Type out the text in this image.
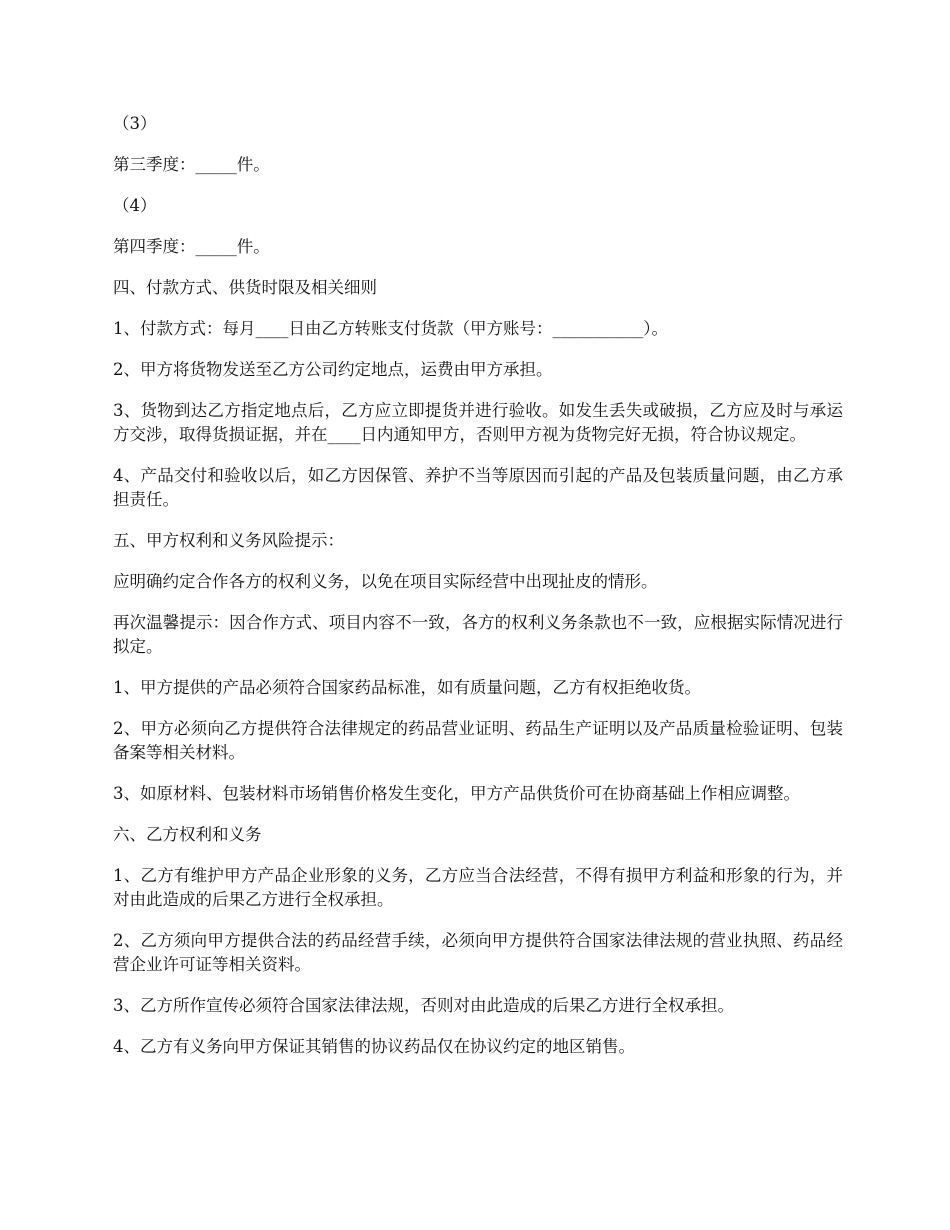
（3）

第三季度：_____件。

（4）

第四季度：_____件。

四、付款方式、供货时限及相关细则

1、付款方式：每月____日由乙方转账支付货款（甲方账号：___________）。

2、甲方将货物发送至乙方公司约定地点，运费由甲方承担。

3、货物到达乙方指定地点后，乙方应立即提货并进行验收。如发生丢失或破损，乙方应及时与承运方交涉，取得货损证据，并在____日内通知甲方，否则甲方视为货物完好无损，符合协议规定。

4、产品交付和验收以后，如乙方因保管、养护不当等原因而引起的产品及包装质量问题，由乙方承担责任。

五、甲方权利和义务风险提示：

应明确约定合作各方的权利义务，以免在项目实际经营中出现扯皮的情形。

再次温馨提示：因合作方式、项目内容不一致，各方的权利义务条款也不一致，应根据实际情况进行拟定。

1、甲方提供的产品必须符合国家药品标准，如有质量问题，乙方有权拒绝收货。

2、甲方必须向乙方提供符合法律规定的药品营业证明、药品生产证明以及产品质量检验证明、包装备案等相关材料。

3、如原材料、包装材料市场销售价格发生变化，甲方产品供货价可在协商基础上作相应调整。

六、乙方权利和义务

1、乙方有维护甲方产品企业形象的义务，乙方应当合法经营，不得有损甲方利益和形象的行为，并对由此造成的后果乙方进行全权承担。

2、乙方须向甲方提供合法的药品经营手续，必须向甲方提供符合国家法律法规的营业执照、药品经营企业许可证等相关资料。

3、乙方所作宣传必须符合国家法律法规，否则对由此造成的后果乙方进行全权承担。

4、乙方有义务向甲方保证其销售的协议药品仅在协议约定的地区销售。
